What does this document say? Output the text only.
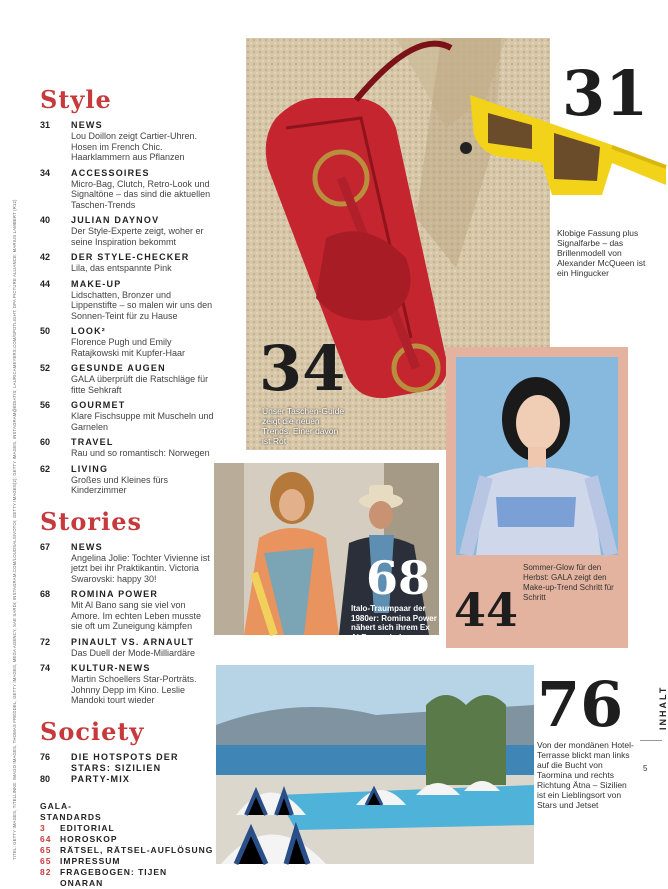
TITEL: GETTY IMAGES, TITELLINKE: IMAGO IMAGES, THOMAS FREDDEL, GETTY IMAGES, MEGA AGENCY, SAE SARDI; INSTAGRAM.COM/LOUDSALSIVOTOI; GETTY IMAGES(2); GETTY IMAGES, INSTAGRAM@EDIATIS; LAURICAMEYERS.COM/SPOTLIGHT; DPA PICTURE ALLIANCE; MARIUS LAMBERT (R12)
Style
31 NEWS
Lou Doillon zeigt Cartier-Uhren. Hosen im French Chic. Haarklammern aus Pflanzen
34 ACCESSOIRES
Micro-Bag, Clutch, Retro-Look und Signaltöne – das sind die aktuellen Taschen-Trends
40 JULIAN DAYNOV
Der Style-Experte zeigt, woher er seine Inspiration bekommt
42 DER STYLE-CHECKER
Lila, das entspannte Pink
44 MAKE-UP
Lidschatten, Bronzer und Lippenstifte – so malen wir uns den Sonnen-Teint für zu Hause
50 LOOK²
Florence Pugh und Emily Ratajkowski mit Kupfer-Haar
52 GESUNDE AUGEN
GALA überprüft die Ratschläge für fitte Sehkraft
56 GOURMET
Klare Fischsuppe mit Muscheln und Garnelen
60 TRAVEL
Rau und so romantisch: Norwegen
62 LIVING
Großes und Kleines fürs Kinderzimmer
Stories
67 NEWS
Angelina Jolie: Tochter Vivienne ist jetzt bei ihr Praktikantin. Victoria Swarovski: happy 30!
68 ROMINA POWER
Mit Al Bano sang sie viel von Amore. Im echten Leben musste sie oft um Zuneigung kämpfen
72 PINAULT VS. ARNAULT
Das Duell der Mode-Milliardäre
74 KULTUR-NEWS
Martin Schoellers Star-Porträts. Johnny Depp im Kino. Leslie Mandoki tourt wieder
Society
76 DIE HOTSPOTS DER STARS: SIZILIEN
80 PARTY-MIX
GALA-STANDARDS
3 EDITORIAL
64 HOROSKOP
65 RÄTSEL, RÄTSEL-AUFLÖSUNG
65 IMPRESSUM
82 FRAGEBOGEN: TIJEN ONARAN
34
Unser Taschen-Guide zeigt die neuen Trends. Einer davon ist Rot
31
Klobige Fassung plus Signalfarbe – das Brillenmodell von Alexander McQueen ist ein Hingucker
68
Italo-Traumpaar der 1980er: Romina Power nähert sich ihrem Ex Al Bano wieder an 44
Sommer-Glow für den Herbst: GALA zeigt den Make-up-Trend Schritt für Schritt
76
Von der mondänen Hotel-Terrasse blickt man links auf die Bucht von Taormina und rechts Richtung Ätna – Sizilien ist ein Lieblingsort von Stars und Jetset
INHALT
5
